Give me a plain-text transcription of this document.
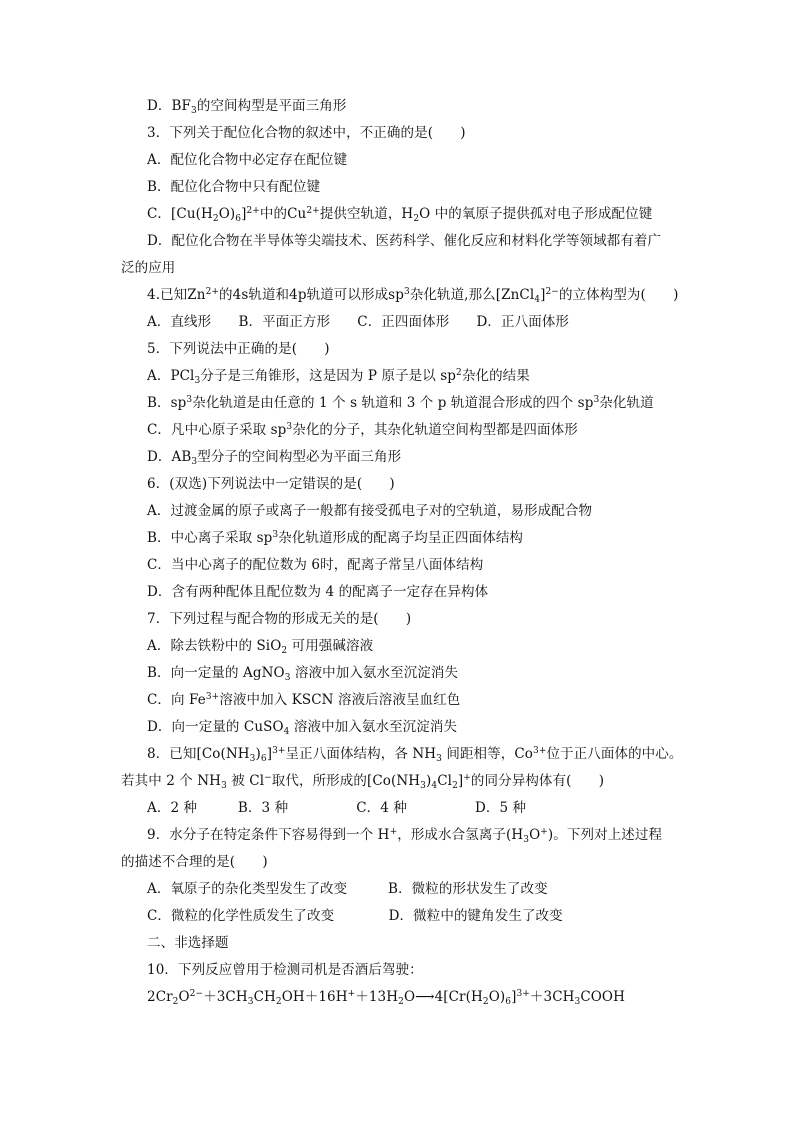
D．$BF_3$的空间构型是平面三角形
3．下列关于配位化合物的叙述中，不正确的是(　　)
A．配位化合物中必定存在配位键
B．配位化合物中只有配位键
C．$[Cu(H_2O)_6]^{2+}$中的$Cu^{2+}$提供空轨道，$H_2O$ 中的氧原子提供孤对电子形成配位键
D．配位化合物在半导体等尖端技术、医药科学、催化反应和材料化学等领域都有着广
泛的应用
4.已知$Zn^{2+}$的4s轨道和4p轨道可以形成$sp^3$杂化轨道,那么[ZnCl$_4$]$^{2-}$的立体构型为(　　)
A．直线形　　B．平面正方形　　C．正四面体形　　D．正八面体形
5．下列说法中正确的是(　　)
A．PCl$_3$分子是三角锥形，这是因为 P 原子是以 $sp^2$杂化的结果
B．$sp^3$杂化轨道是由任意的 1 个 s 轨道和 3 个 p 轨道混合形成的四个 $sp^3$杂化轨道
C．凡中心原子采取 $sp^3$杂化的分子，其杂化轨道空间构型都是四面体形
D．$AB_3$型分子的空间构型必为平面三角形
6．(双选)下列说法中一定错误的是(　　)
A．过渡金属的原子或离子一般都有接受孤电子对的空轨道，易形成配合物
B．中心离子采取 $sp^3$杂化轨道形成的配离子均呈正四面体结构
C．当中心离子的配位数为 6时，配离子常呈八面体结构
D．含有两种配体且配位数为 4 的配离子一定存在异构体
7．下列过程与配合物的形成无关的是(　　)
A．除去铁粉中的 SiO$_2$ 可用强碱溶液
B．向一定量的 AgNO$_3$ 溶液中加入氨水至沉淀消失
C．向 $Fe^{3+}$溶液中加入 KSCN 溶液后溶液呈血红色
D．向一定量的 CuSO$_4$ 溶液中加入氨水至沉淀消失
8．已知$[Co(NH_3)_6]^{3+}$呈正八面体结构，各 $NH_3$ 间距相等，$Co^{3+}$位于正八面体的中心。
若其中 2 个 $NH_3$ 被 Cl−取代，所形成的$[Co(NH_3)_4Cl_2]^+$的同分异构体有(　　)
A．2 种　　　B．3 种　　　　　C．4 种　　　　　D．5 种
9．水分子在特定条件下容易得到一个 H+，形成水合氢离子$(H_3O^+)$。下列对上述过程
的描述不合理的是(　　)
A．氧原子的杂化类型发生了改变　　　B．微粒的形状发生了改变
C．微粒的化学性质发生了改变　　　　D．微粒中的键角发生了改变
二、非选择题
10．下列反应曾用于检测司机是否酒后驾驶：
$2Cr_2O^{2-}+3CH_3CH_2OH+16H^++13H_2O⟶4[Cr(H_2O)_6]^{3+}+3CH_3COOH$
